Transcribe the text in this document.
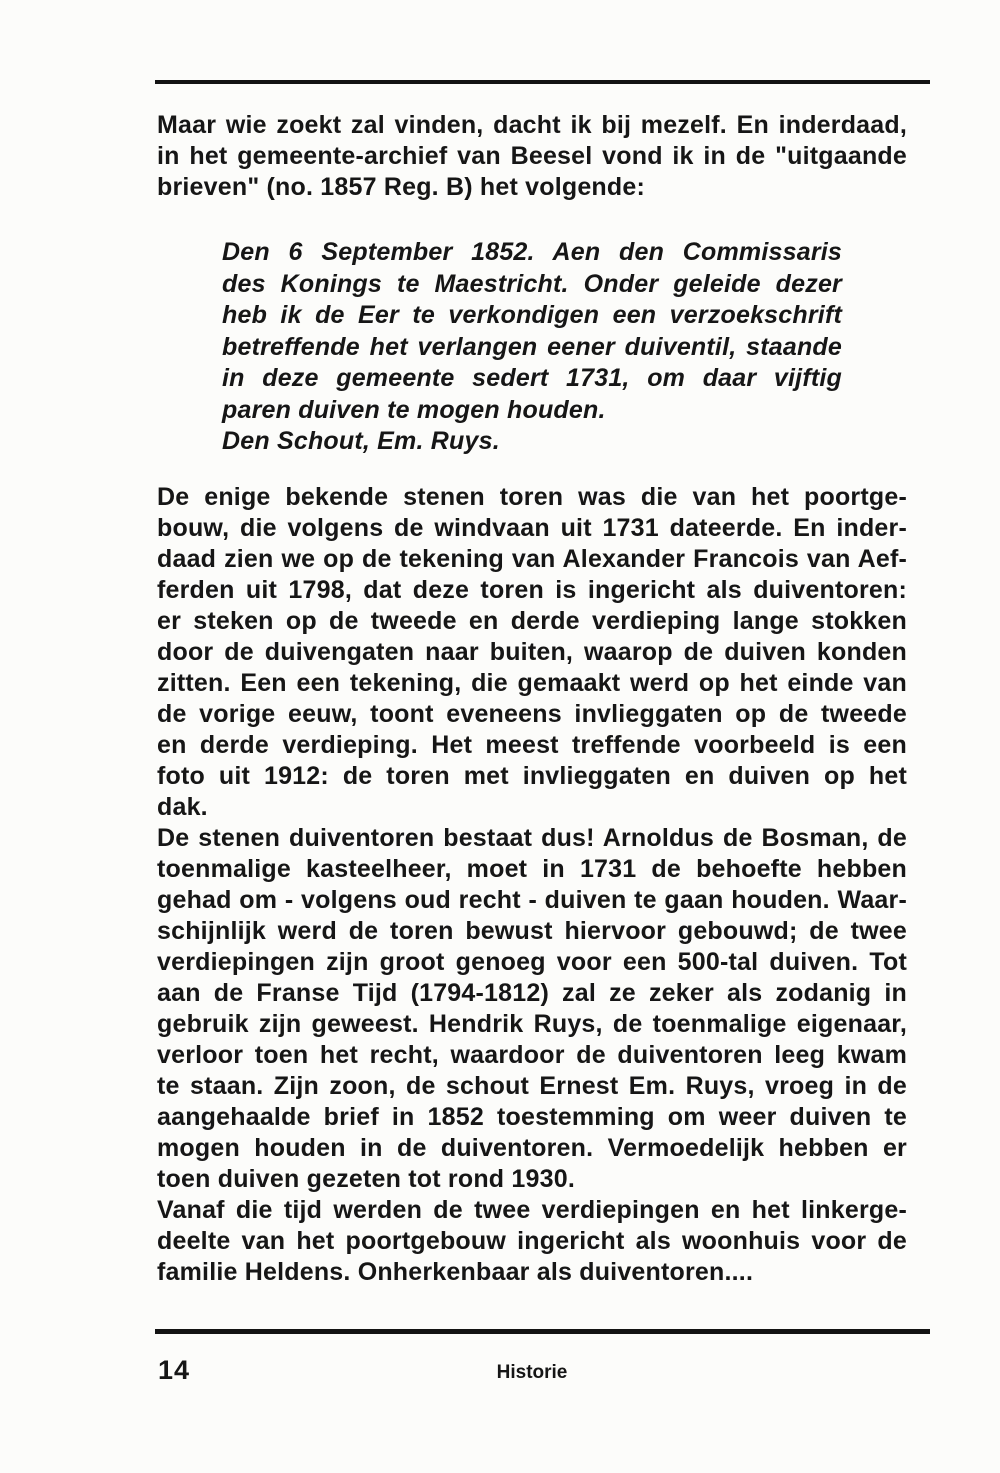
Maar wie zoekt zal vinden, dacht ik bij mezelf. En inderdaad,
in het gemeente-archief van Beesel vond ik in de "uitgaande
brieven" (no. 1857 Reg. B) het volgende:
Den 6 September 1852. Aen den Commissaris
des Konings te Maestricht. Onder geleide dezer
heb ik de Eer te verkondigen een verzoekschrift
betreffende het verlangen eener duiventil, staande
in deze gemeente sedert 1731, om daar vijftig
paren duiven te mogen houden.
Den Schout, Em. Ruys.
De enige bekende stenen toren was die van het poortge-
bouw, die volgens de windvaan uit 1731 dateerde. En inder-
daad zien we op de tekening van Alexander Francois van Aef-
ferden uit 1798, dat deze toren is ingericht als duiventoren:
er steken op de tweede en derde verdieping lange stokken
door de duivengaten naar buiten, waarop de duiven konden
zitten. Een een tekening, die gemaakt werd op het einde van
de vorige eeuw, toont eveneens invlieggaten op de tweede
en derde verdieping. Het meest treffende voorbeeld is een
foto uit 1912: de toren met invlieggaten en duiven op het
dak.
De stenen duiventoren bestaat dus! Arnoldus de Bosman, de
toenmalige kasteelheer, moet in 1731 de behoefte hebben
gehad om - volgens oud recht - duiven te gaan houden. Waar-
schijnlijk werd de toren bewust hiervoor gebouwd; de twee
verdiepingen zijn groot genoeg voor een 500-tal duiven. Tot
aan de Franse Tijd (1794-1812) zal ze zeker als zodanig in
gebruik zijn geweest. Hendrik Ruys, de toenmalige eigenaar,
verloor toen het recht, waardoor de duiventoren leeg kwam
te staan. Zijn zoon, de schout Ernest Em. Ruys, vroeg in de
aangehaalde brief in 1852 toestemming om weer duiven te
mogen houden in de duiventoren. Vermoedelijk hebben er
toen duiven gezeten tot rond 1930.
Vanaf die tijd werden de twee verdiepingen en het linkerge-
deelte van het poortgebouw ingericht als woonhuis voor de
familie Heldens. Onherkenbaar als duiventoren....
14	Historie
